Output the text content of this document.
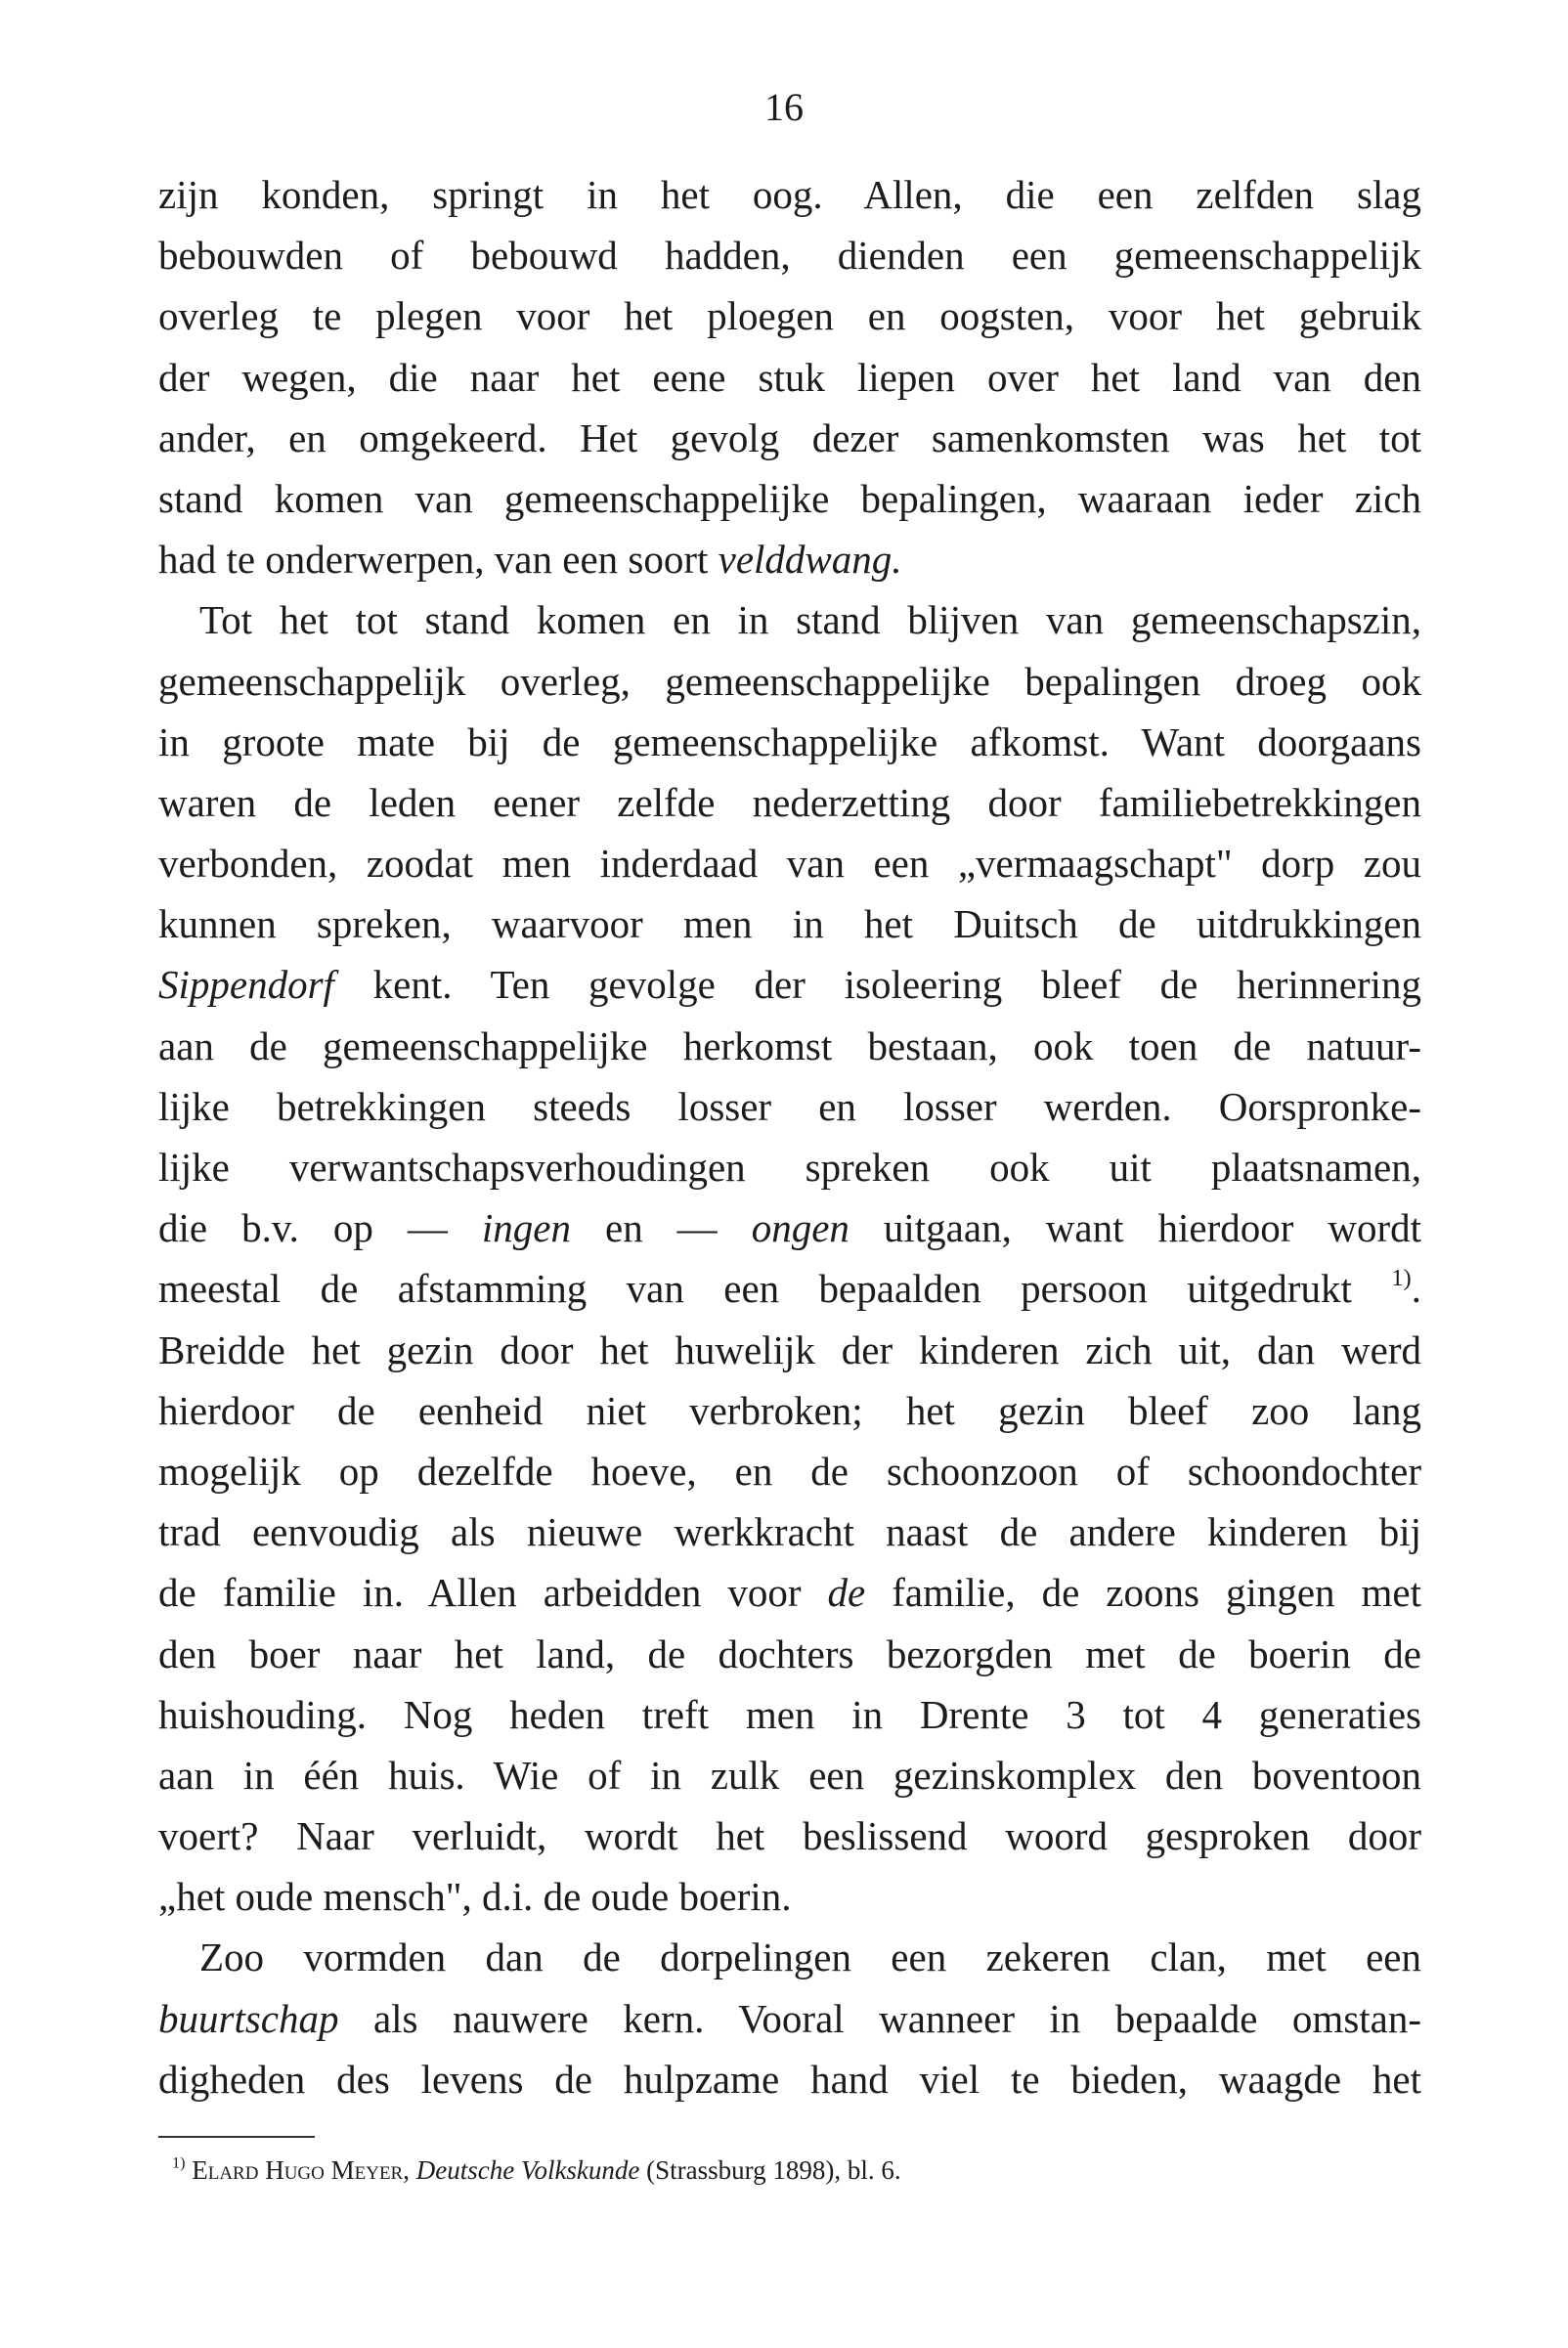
16
zijn konden, springt in het oog. Allen, die een zelfden slag
bebouwden of bebouwd hadden, dienden een gemeenschappelijk
overleg te plegen voor het ploegen en oogsten, voor het gebruik
der wegen, die naar het eene stuk liepen over het land van den
ander, en omgekeerd. Het gevolg dezer samenkomsten was het tot
stand komen van gemeenschappelijke bepalingen, waaraan ieder zich
had te onderwerpen, van een soort velddwang.
Tot het tot stand komen en in stand blijven van gemeenschapszin,
gemeenschappelijk overleg, gemeenschappelijke bepalingen droeg ook
in groote mate bij de gemeenschappelijke afkomst. Want doorgaans
waren de leden eener zelfde nederzetting door familiebetrekkingen
verbonden, zoodat men inderdaad van een „vermaagschapt" dorp zou
kunnen spreken, waarvoor men in het Duitsch de uitdrukkingen
Sippendorf kent. Ten gevolge der isoleering bleef de herinnering
aan de gemeenschappelijke herkomst bestaan, ook toen de natuur-
lijke betrekkingen steeds losser en losser werden. Oorspronke-
lijke verwantschapsverhoudingen spreken ook uit plaatsnamen,
die b.v. op — ingen en — ongen uitgaan, want hierdoor wordt
meestal de afstamming van een bepaalden persoon uitgedrukt $^{1)}$.
Breidde het gezin door het huwelijk der kinderen zich uit, dan werd
hierdoor de eenheid niet verbroken; het gezin bleef zoo lang
mogelijk op dezelfde hoeve, en de schoonzoon of schoondochter
trad eenvoudig als nieuwe werkkracht naast de andere kinderen bij
de familie in. Allen arbeidden voor de familie, de zoons gingen met
den boer naar het land, de dochters bezorgden met de boerin de
huishouding. Nog heden treft men in Drente 3 tot 4 generaties
aan in één huis. Wie of in zulk een gezinskomplex den boventoon
voert? Naar verluidt, wordt het beslissend woord gesproken door
„het oude mensch", d.i. de oude boerin.
Zoo vormden dan de dorpelingen een zekeren clan, met een
buurtschap als nauwere kern. Vooral wanneer in bepaalde omstan-
digheden des levens de hulpzame hand viel te bieden, waagde het
$^{1)}$ Elard Hugo Meyer, Deutsche Volkskunde (Strassburg 1898), bl. 6.
